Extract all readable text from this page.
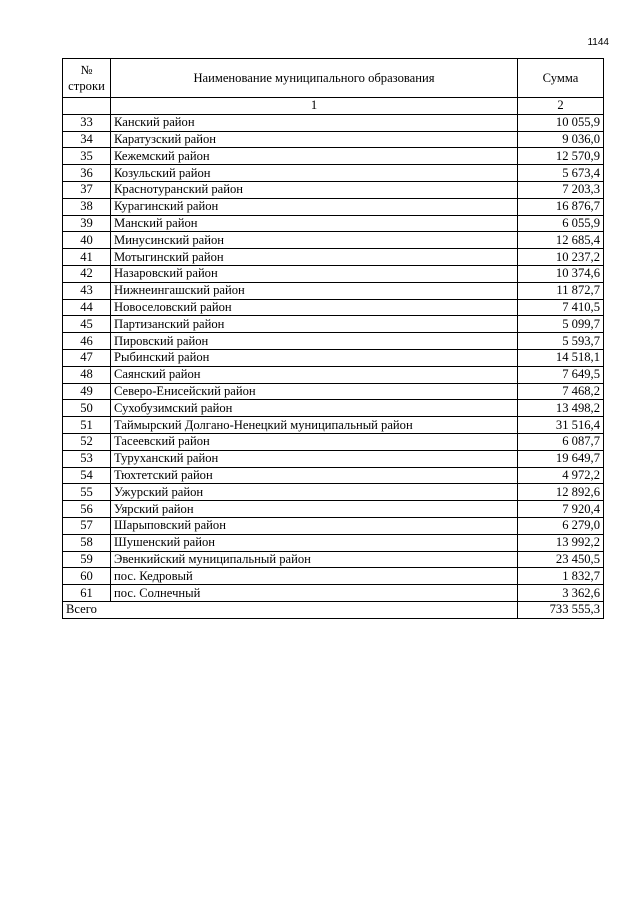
1144
№
строки	Наименование муниципального образования	Сумма
	1	2
33	Канский район	10 055,9
34	Каратузский район	9 036,0
35	Кежемский район	12 570,9
36	Козульский район	5 673,4
37	Краснотуранский район	7 203,3
38	Курагинский район	16 876,7
39	Манский район	6 055,9
40	Минусинский район	12 685,4
41	Мотыгинский район	10 237,2
42	Назаровский район	10 374,6
43	Нижнеингашский район	11 872,7
44	Новоселовский район	7 410,5
45	Партизанский район	5 099,7
46	Пировский район	5 593,7
47	Рыбинский район	14 518,1
48	Саянский район	7 649,5
49	Северо-Енисейский район	7 468,2
50	Сухобузимский район	13 498,2
51	Таймырский Долгано-Ненецкий муниципальный район	31 516,4
52	Тасеевский район	6 087,7
53	Туруханский район	19 649,7
54	Тюхтетский район	4 972,2
55	Ужурский район	12 892,6
56	Уярский район	7 920,4
57	Шарыповский район	6 279,0
58	Шушенский район	13 992,2
59	Эвенкийский муниципальный район	23 450,5
60	пос. Кедровый	1 832,7
61	пос. Солнечный	3 362,6
Всего		733 555,3
